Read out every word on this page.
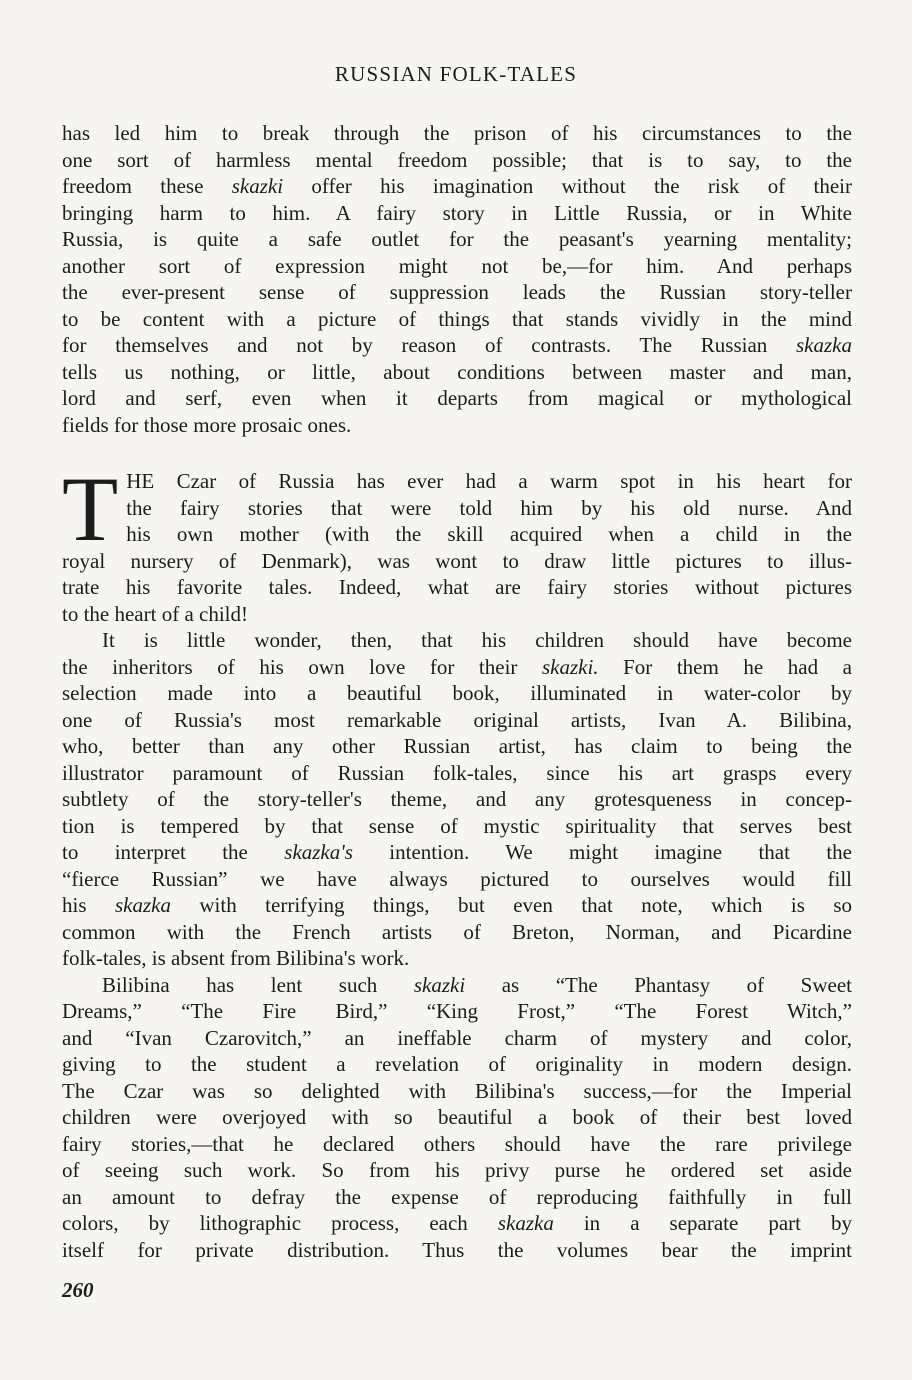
RUSSIAN FOLK-TALES
has led him to break through the prison of his circumstances to the
one sort of harmless mental freedom possible; that is to say, to the
freedom these skazki offer his imagination without the risk of their
bringing harm to him. A fairy story in Little Russia, or in White
Russia, is quite a safe outlet for the peasant's yearning mentality;
another sort of expression might not be,—for him. And perhaps
the ever-present sense of suppression leads the Russian story-teller
to be content with a picture of things that stands vividly in the mind
for themselves and not by reason of contrasts. The Russian skazka
tells us nothing, or little, about conditions between master and man,
lord and serf, even when it departs from magical or mythological
fields for those more prosaic ones.
T HE Czar of Russia has ever had a warm spot in his heart for
the fairy stories that were told him by his old nurse. And
his own mother (with the skill acquired when a child in the
royal nursery of Denmark), was wont to draw little pictures to illus-
trate his favorite tales. Indeed, what are fairy stories without pictures
to the heart of a child!
It is little wonder, then, that his children should have become
the inheritors of his own love for their skazki. For them he had a
selection made into a beautiful book, illuminated in water-color by
one of Russia's most remarkable original artists, Ivan A. Bilibina,
who, better than any other Russian artist, has claim to being the
illustrator paramount of Russian folk-tales, since his art grasps every
subtlety of the story-teller's theme, and any grotesqueness in concep-
tion is tempered by that sense of mystic spirituality that serves best
to interpret the skazka's intention. We might imagine that the
“fierce Russian” we have always pictured to ourselves would fill
his skazka with terrifying things, but even that note, which is so
common with the French artists of Breton, Norman, and Picardine
folk-tales, is absent from Bilibina's work.
Bilibina has lent such skazki as “The Phantasy of Sweet
Dreams,” “The Fire Bird,” “King Frost,” “The Forest Witch,”
and “Ivan Czarovitch,” an ineffable charm of mystery and color,
giving to the student a revelation of originality in modern design.
The Czar was so delighted with Bilibina's success,—for the Imperial
children were overjoyed with so beautiful a book of their best loved
fairy stories,—that he declared others should have the rare privilege
of seeing such work. So from his privy purse he ordered set aside
an amount to defray the expense of reproducing faithfully in full
colors, by lithographic process, each skazka in a separate part by
itself for private distribution. Thus the volumes bear the imprint
260
